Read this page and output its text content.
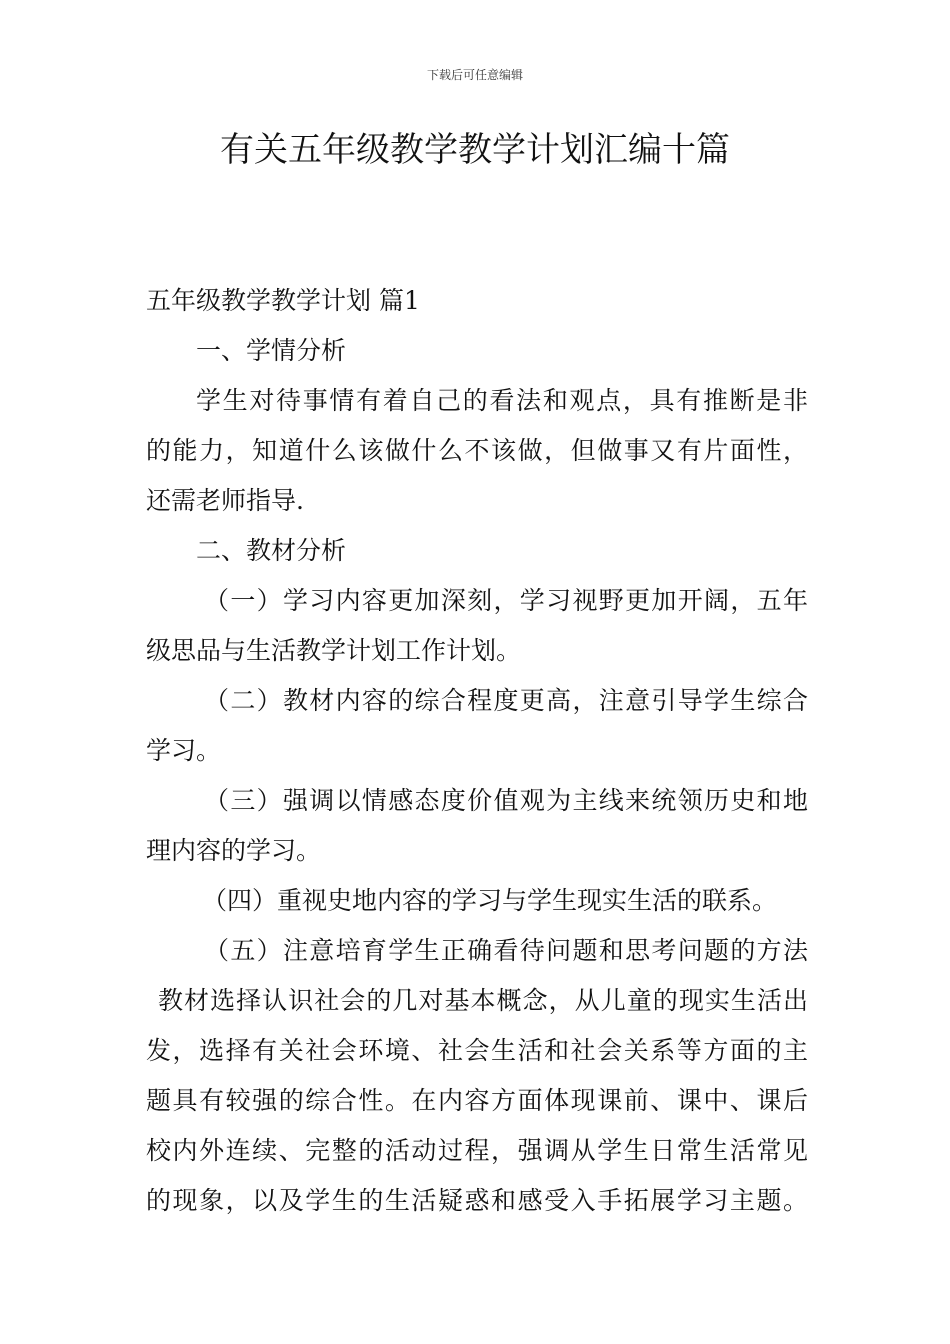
下载后可任意编辑
有关五年级教学教学计划汇编十篇
五年级教学教学计划 篇1
一、学情分析
学生对待事情有着自己的看法和观点，具有推断是非
的能力，知道什么该做什么不该做，但做事又有片面性，
还需老师指导.
二、教材分析
（一）学习内容更加深刻，学习视野更加开阔，五年
级思品与生活教学计划工作计划。
（二）教材内容的综合程度更高，注意引导学生综合
学习。
（三）强调以情感态度价值观为主线来统领历史和地
理内容的学习。
（四）重视史地内容的学习与学生现实生活的联系。
（五）注意培育学生正确看待问题和思考问题的方法
教材选择认识社会的几对基本概念，从儿童的现实生活出
发，选择有关社会环境、社会生活和社会关系等方面的主
题具有较强的综合性。在内容方面体现课前、课中、课后
校内外连续、完整的活动过程，强调从学生日常生活常见
的现象，以及学生的生活疑惑和感受入手拓展学习主题。
